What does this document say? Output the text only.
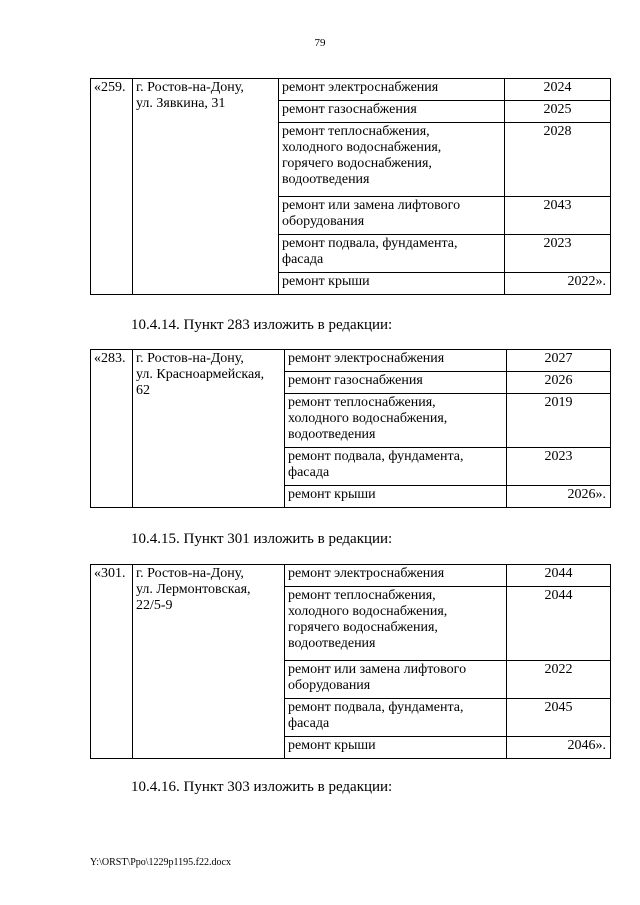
79
«259.	г. Ростов-на-Дону,
ул. Зявкина, 31	ремонт электроснабжения	2024

		ремонт газоснабжения	2025

		ремонт теплоснабжения,
холодного водоснабжения,
горячего водоснабжения,
водоотведения	2028

		ремонт или замена лифтового
оборудования	2043

		ремонт подвала, фундамента,
фасада	2023

		ремонт крыши	2022».
10.4.14. Пункт 283 изложить в редакции:
«283.	г. Ростов-на-Дону,
ул. Красноармейская,
62	ремонт электроснабжения	2027

		ремонт газоснабжения	2026

		ремонт теплоснабжения,
холодного водоснабжения,
водоотведения	2019

		ремонт подвала, фундамента,
фасада	2023

		ремонт крыши	2026».
10.4.15. Пункт 301 изложить в редакции:
«301.	г. Ростов-на-Дону,
ул. Лермонтовская,
22/5-9	ремонт электроснабжения	2044

		ремонт теплоснабжения,
холодного водоснабжения,
горячего водоснабжения,
водоотведения	2044

		ремонт или замена лифтового
оборудования	2022

		ремонт подвала, фундамента,
фасада	2045

		ремонт крыши	2046».
10.4.16. Пункт 303 изложить в редакции:
Y:\ORST\Ppo\1229p1195.f22.docx
